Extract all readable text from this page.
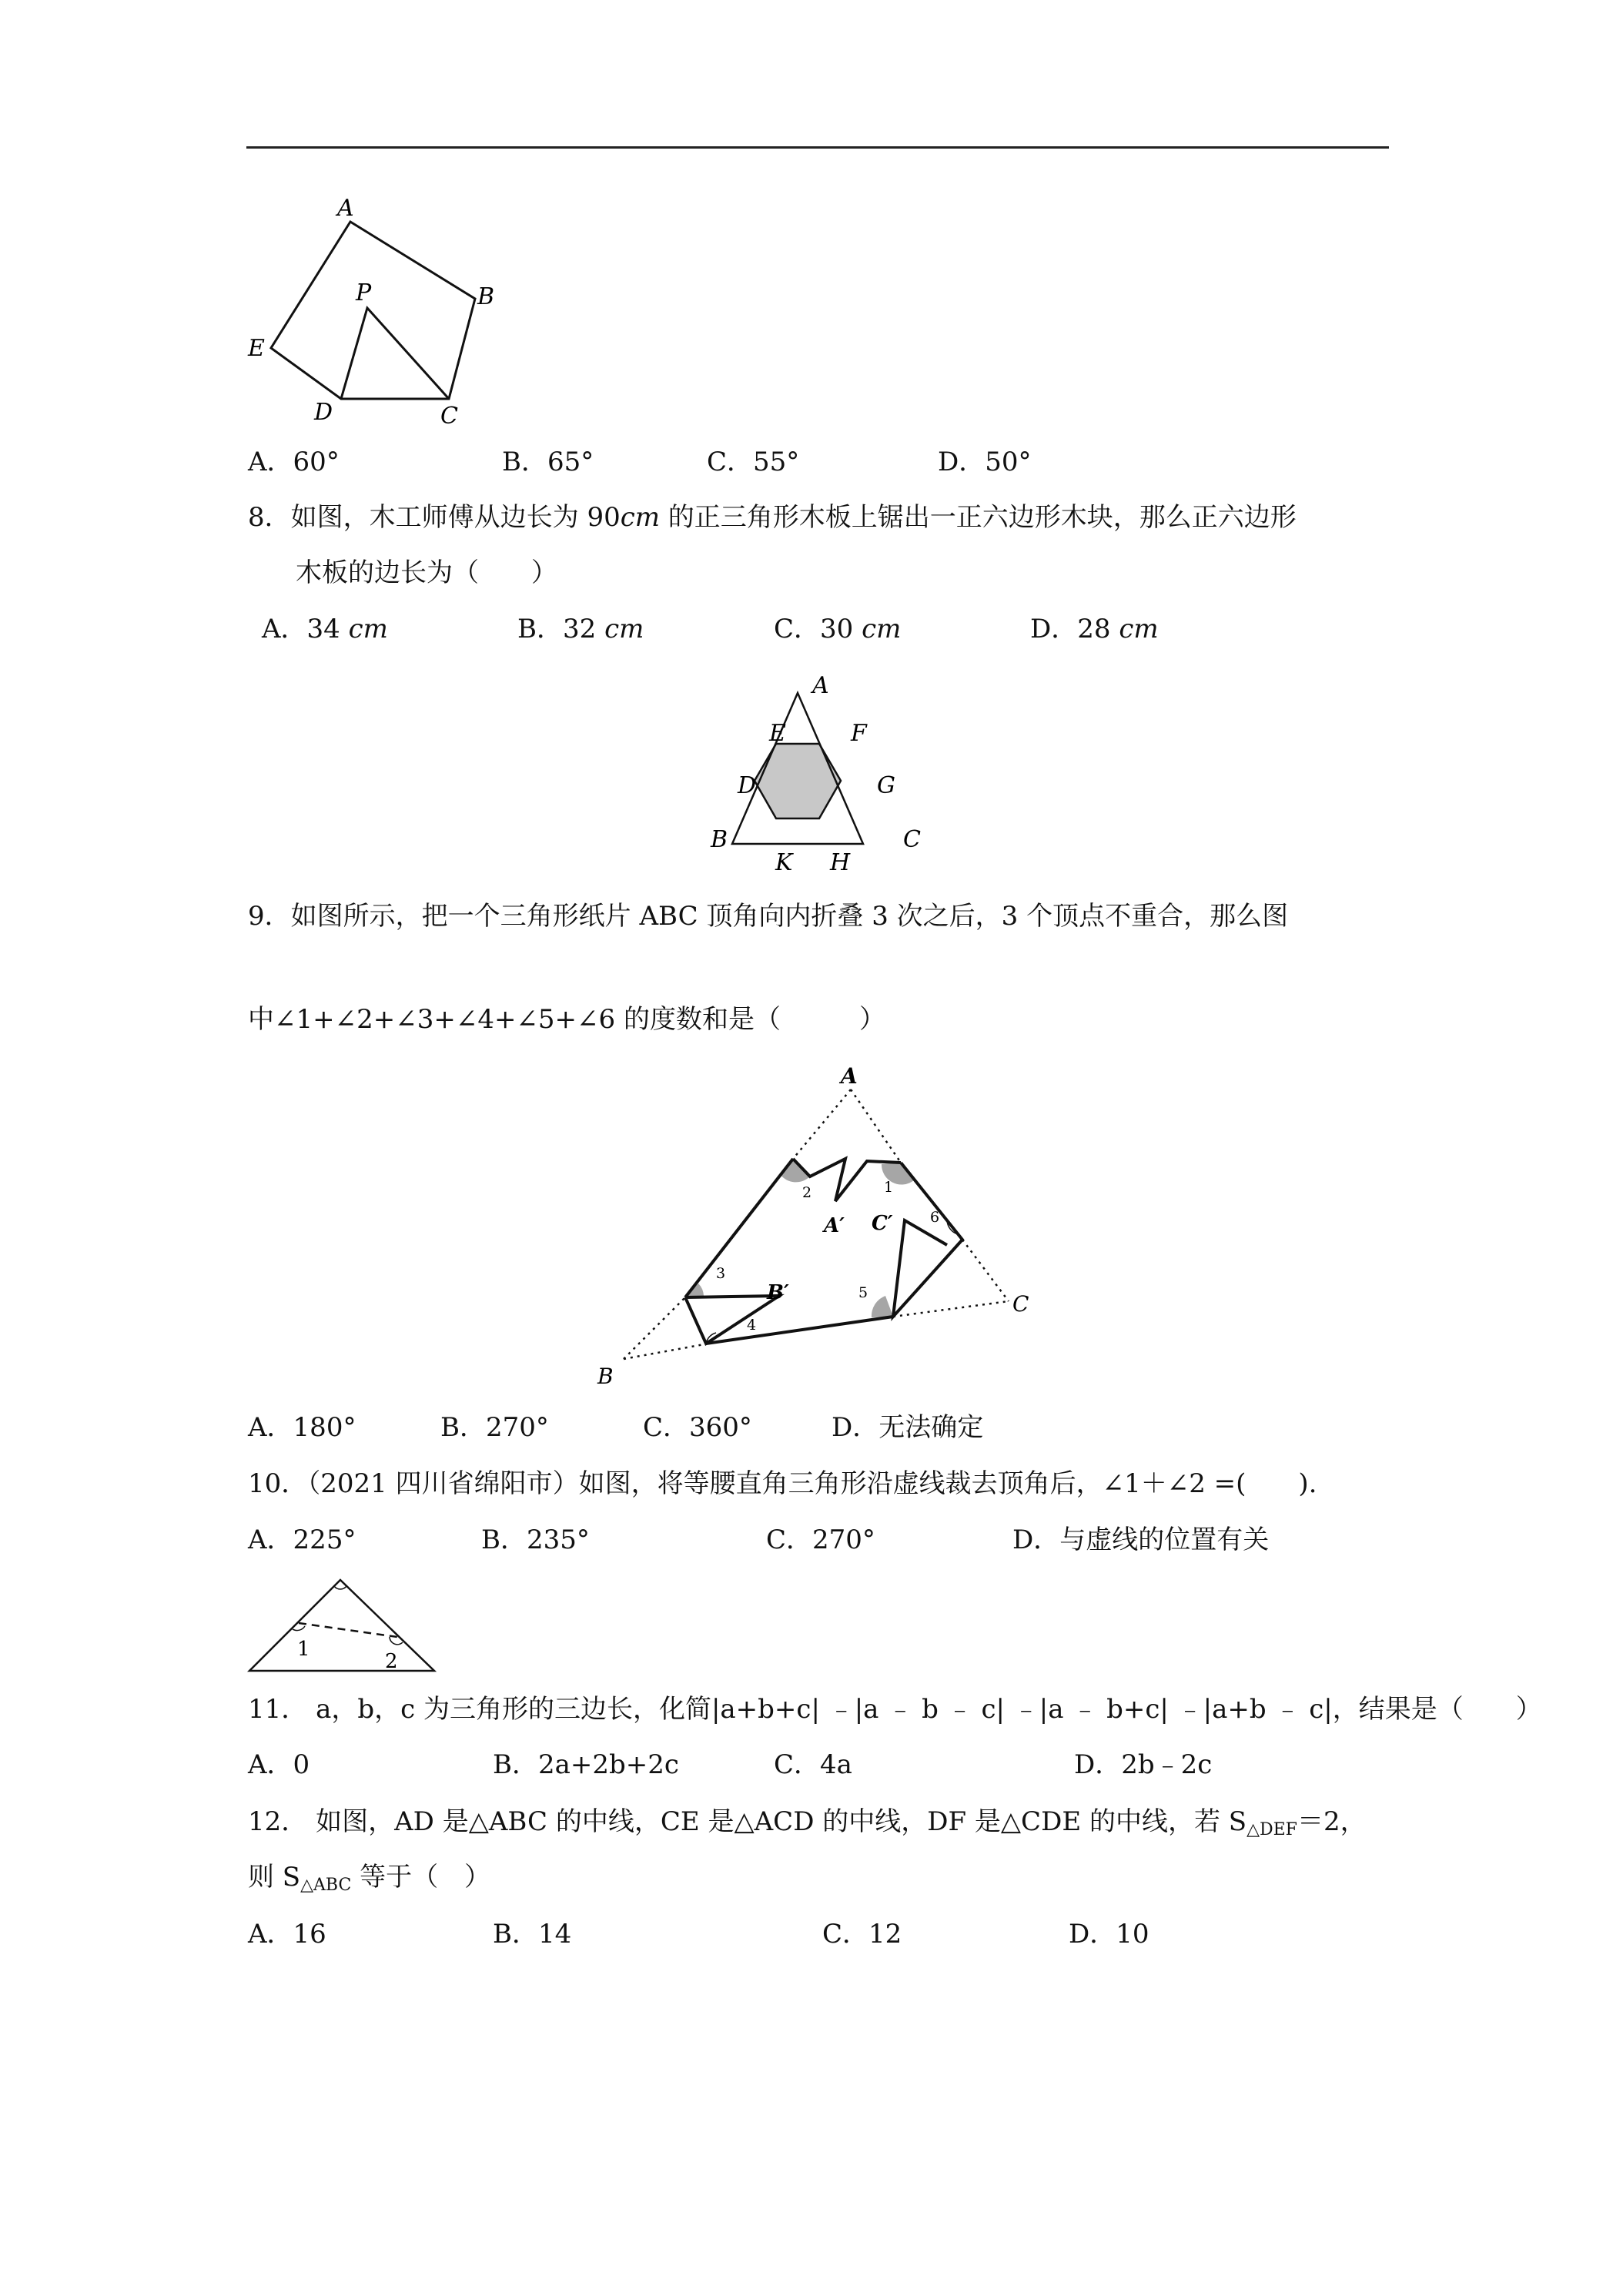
A
B
C
D
E
P
A．60°	B．65°	C．55°	D．50°
8．如图，木工师傅从边长为 90cm 的正三角形木板上锯出一正六边形木块，那么正六边形
木板的边长为（　　）
A．34 cm	B．32 cm	C．30 cm	D．28 cm
A
E	F
D	G
B	C
K H
9．如图所示，把一个三角形纸片 ABC 顶角向内折叠 3 次之后，3 个顶点不重合，那么图
中∠1+∠2+∠3+∠4+∠5+∠6 的度数和是（　　　）
A
B
C
A′
B′
C′
1
2
3
4
5
6
A．180°	B．270°	C．360°	D．无法确定
10．（2021 四川省绵阳市）如图，将等腰直角三角形沿虚线裁去顶角后，∠1＋∠2 =(　　).
A．225°	B．235°	C．270°	D．与虚线的位置有关
1
2
11． a，b，c 为三角形的三边长，化简|a+b+c| ﹣|a ﹣ b ﹣ c| ﹣|a ﹣ b+c| ﹣|a+b ﹣ c|，结果是（　　）
A．0	B．2a+2b+2c	C．4a	D．2b﹣2c
12． 如图，AD 是△ABC 的中线，CE 是△ACD 的中线，DF 是△CDE 的中线，若 $S_{\triangle DEF}=2$，
则 $S_{\triangle ABC}$ 等于（　）
A．16	B．14	C．12	D．10
